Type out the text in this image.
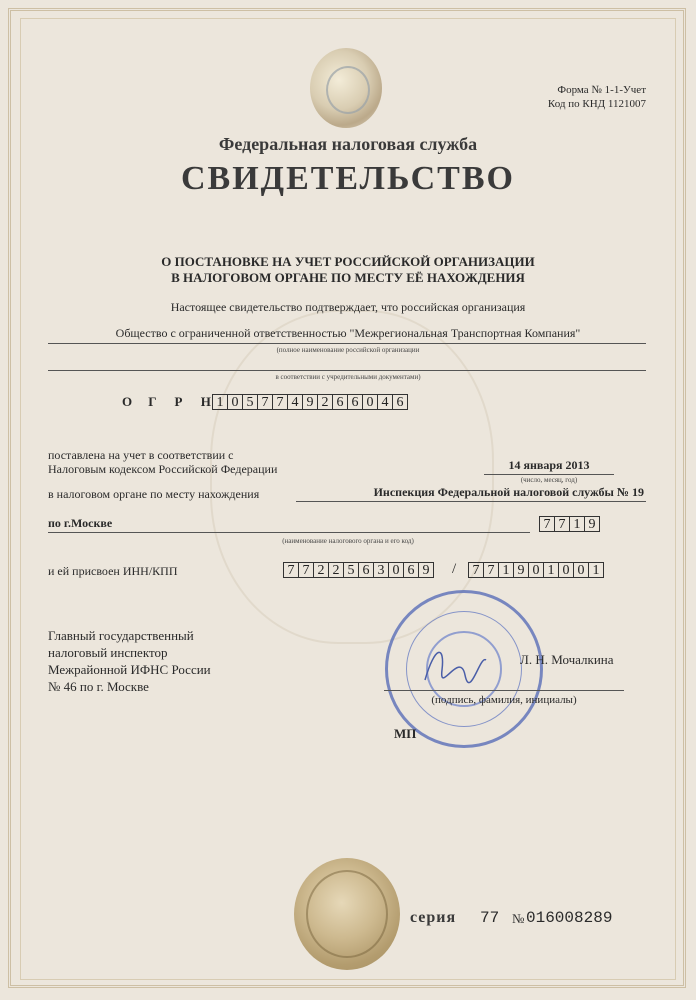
Форма № 1-1-Учет
Код по КНД 1121007
Федеральная налоговая служба
СВИДЕТЕЛЬСТВО
О ПОСТАНОВКЕ НА УЧЕТ РОССИЙСКОЙ ОРГАНИЗАЦИИ
В НАЛОГОВОМ ОРГАНЕ ПО МЕСТУ ЕЁ НАХОЖДЕНИЯ
Настоящее свидетельство подтверждает, что российская организация
Общество с ограниченной ответственностью "Межрегиональная Транспортная Компания"
(полное наименование российской организации
в соответствии с учредительными документами)
О Г Р Н 1 0 5 7 7 4 9 2 6 6 0 4 6
поставлена на учет в соответствии с
Налоговым кодексом Российской Федерации	14 января 2013
(число, месяц, год)
в налоговом органе по месту нахождения	Инспекция Федеральной налоговой службы № 19
по г.Москве	7 7 1 9
(наименование налогового органа и его код)
и ей присвоен ИНН/КПП	7 7 2 2 5 6 3 0 6 9	/	7 7 1 9 0 1 0 0 1
Главный государственный
налоговый инспектор
Межрайонной ИФНС России
№ 46 по г. Москве
Л. Н. Мочалкина
(подпись, фамилия, инициалы)
МП
серия 77 № 016008289
